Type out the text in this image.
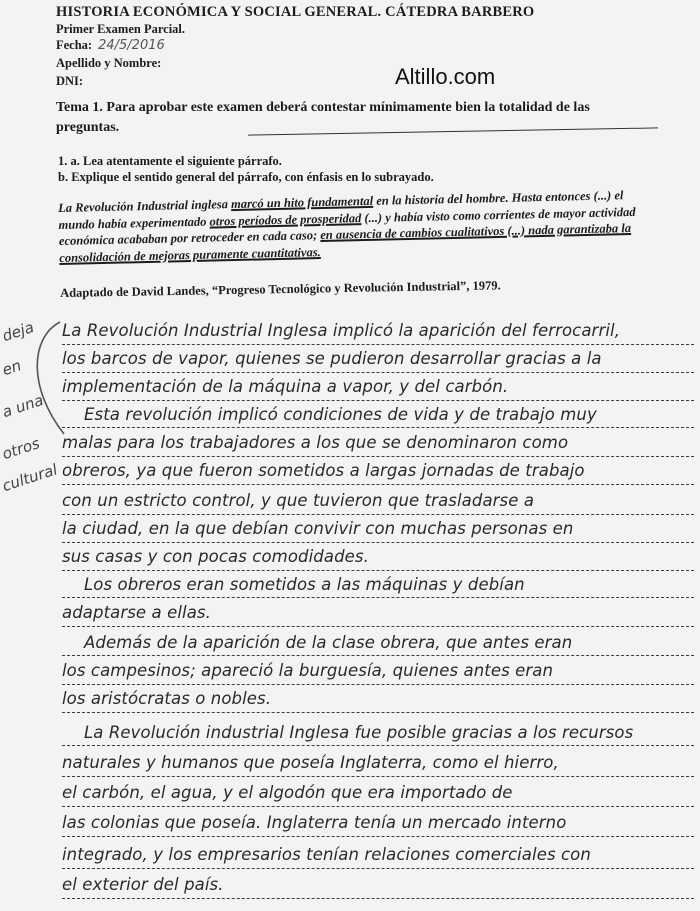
HISTORIA ECONÓMICA Y SOCIAL GENERAL. CÁTEDRA BARBERO
Primer Examen Parcial.
Fecha: 24/5/2016
Apellido y Nombre:
DNI:	Altillo.com
Tema 1. Para aprobar este examen deberá contestar mínimamente bien la totalidad de las preguntas.
1. a. Lea atentamente el siguiente párrafo.
b. Explique el sentido general del párrafo, con énfasis en lo subrayado.
La Revolución Industrial inglesa marcó un hito fundamental en la historia del hombre. Hasta entonces (...) el mundo había experimentado otros períodos de prosperidad (...) y había visto como corrientes de mayor actividad económica acababan por retroceder en cada caso; en ausencia de cambios cualitativos (...) nada garantizaba la consolidación de mejoras puramente cuantitativas.
Adaptado de David Landes, “Progreso Tecnológico y Revolución Industrial”, 1979.
deja
en
a una
otros
cultural
La Revolución Industrial Inglesa implicó la aparición del ferrocarril,
los barcos de vapor, quienes se pudieron desarrollar gracias a la
implementación de la máquina a vapor, y del carbón.
Esta revolución implicó condiciones de vida y de trabajo muy
malas para los trabajadores a los que se denominaron como
obreros, ya que fueron sometidos a largas jornadas de trabajo
con un estricto control, y que tuvieron que trasladarse a
la ciudad, en la que debían convivir con muchas personas en
sus casas y con pocas comodidades.
Los obreros eran sometidos a las máquinas y debían
adaptarse a ellas.
Además de la aparición de la clase obrera, que antes eran
los campesinos; apareció la burguesía, quienes antes eran
los aristócratas o nobles.
La Revolución industrial Inglesa fue posible gracias a los recursos
naturales y humanos que poseía Inglaterra, como el hierro,
el carbón, el agua, y el algodón que era importado de
las colonias que poseía. Inglaterra tenía un mercado interno
integrado, y los empresarios tenían relaciones comerciales con
el exterior del país.
